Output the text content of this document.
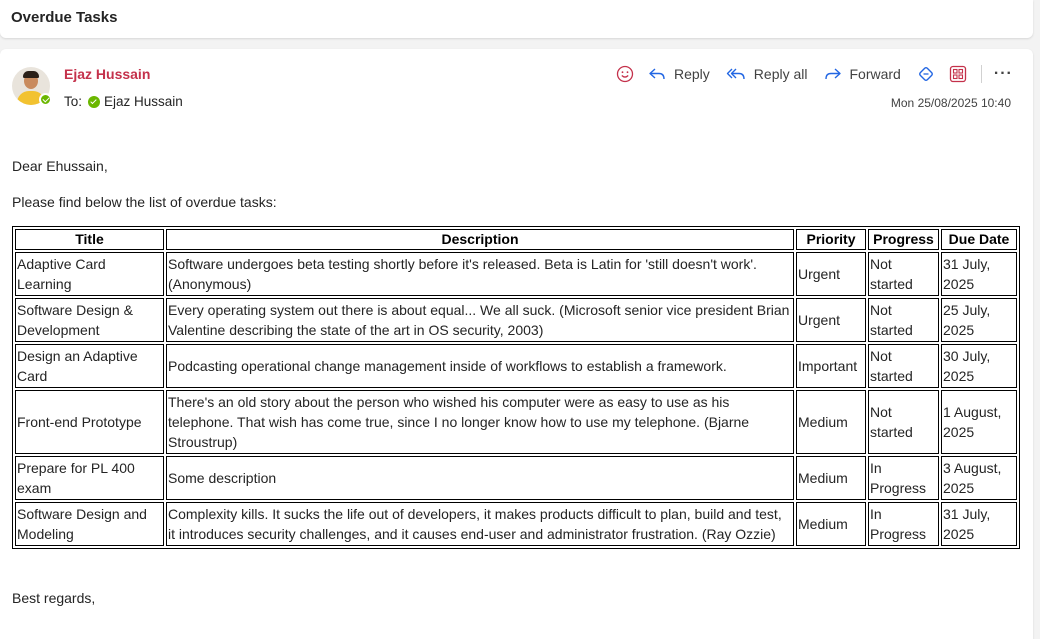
Overdue Tasks
Ejaz Hussain
To: Ejaz Hussain
Reply	Reply all	Forward	···
Mon 25/08/2025 10:40
Dear Ehussain,
Please find below the list of overdue tasks:
Title	Description	Priority	Progress	Due Date
Adaptive Card Learning	Software undergoes beta testing shortly before it's released. Beta is Latin for 'still doesn't work'. (Anonymous)	Urgent	Not started	31 July, 2025
Software Design & Development	Every operating system out there is about equal... We all suck. (Microsoft senior vice president Brian Valentine describing the state of the art in OS security, 2003)	Urgent	Not started	25 July, 2025
Design an Adaptive Card	Podcasting operational change management inside of workflows to establish a framework.	Important	Not started	30 July, 2025
Front-end Prototype	There's an old story about the person who wished his computer were as easy to use as his telephone. That wish has come true, since I no longer know how to use my telephone. (Bjarne Stroustrup)	Medium	Not started	1 August, 2025
Prepare for PL 400 exam	Some description	Medium	In Progress	3 August, 2025
Software Design and Modeling	Complexity kills. It sucks the life out of developers, it makes products difficult to plan, build and test, it introduces security challenges, and it causes end-user and administrator frustration. (Ray Ozzie)	Medium	In Progress	31 July, 2025
Best regards,
